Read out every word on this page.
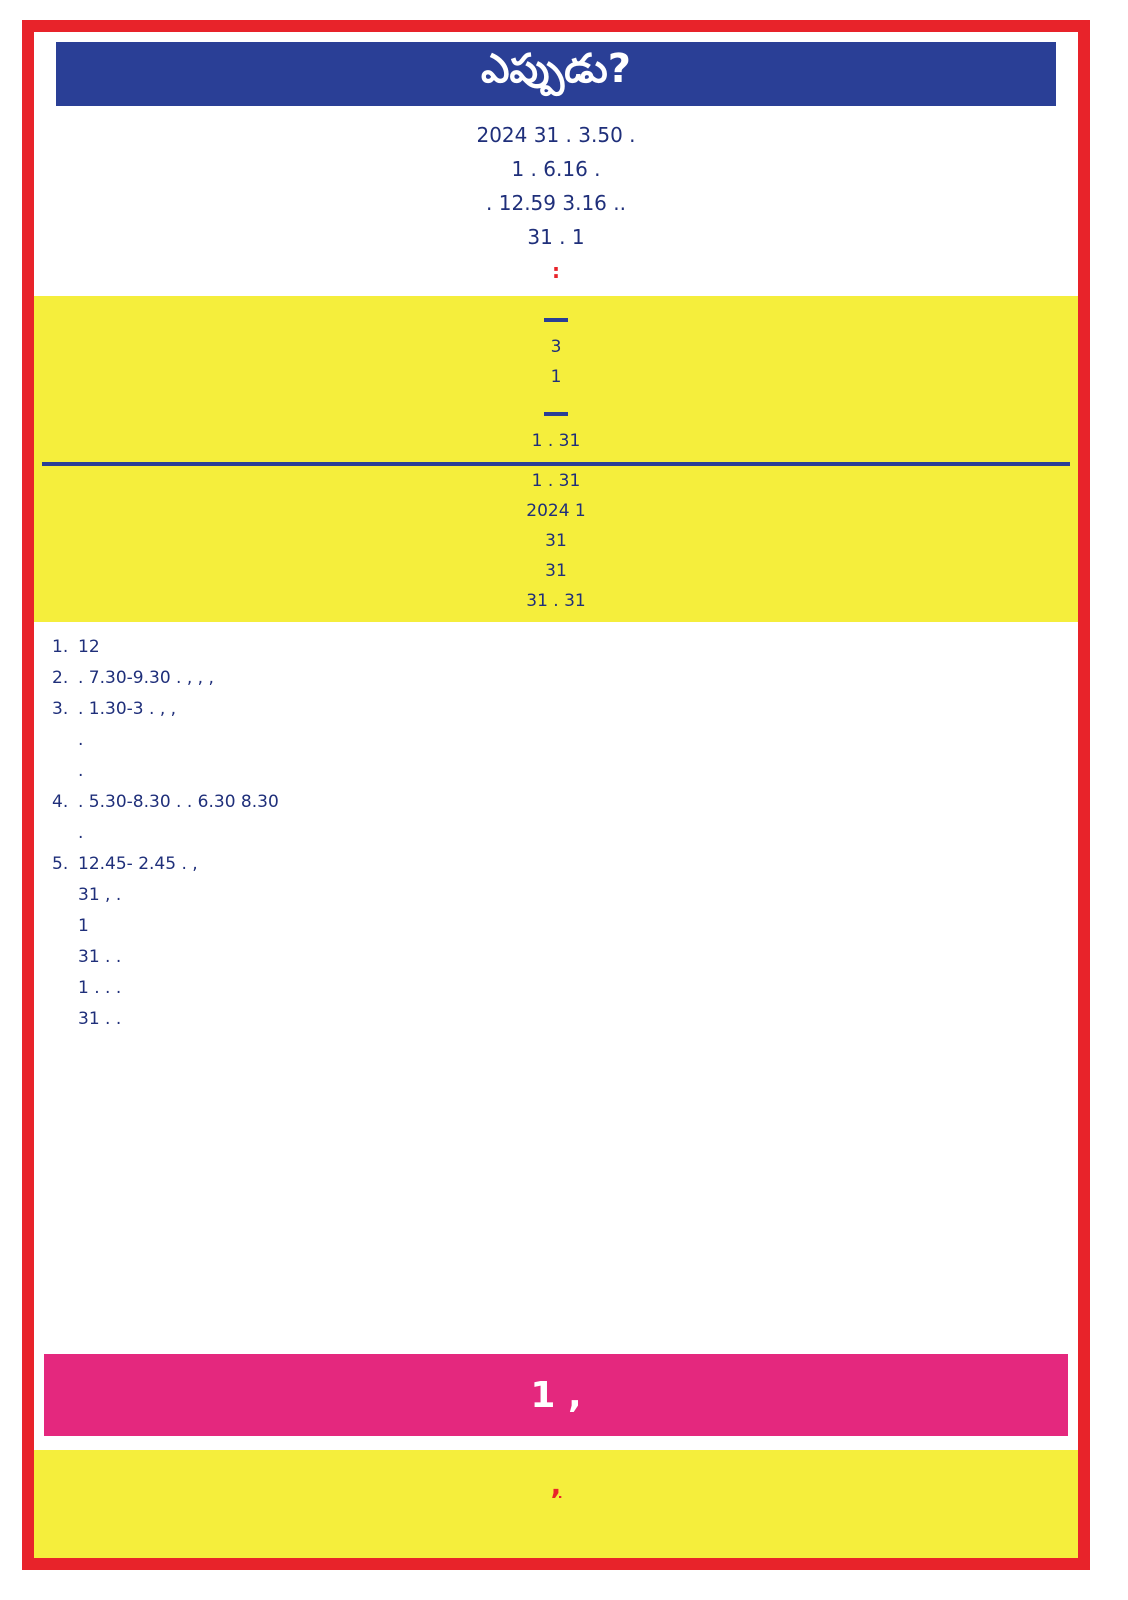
ఎప్పుడు?
2024 31 . 3.50 .
1 . 6.16 .
. 12.59 3.16 ..
31 . 1
:
3
1
1 . 31
1 . 31
2024 1
31
31
31 . 31
1. 12
2. . 7.30-9.30 . , , ,
3. . 1.30-3 . , ,
.
.
4. . 5.30-8.30 . . 6.30 8.30
.
5. 12.45- 2.45 . ,
31 , .
1
31 . .
1 . . .
31 . .
1 ,
,
